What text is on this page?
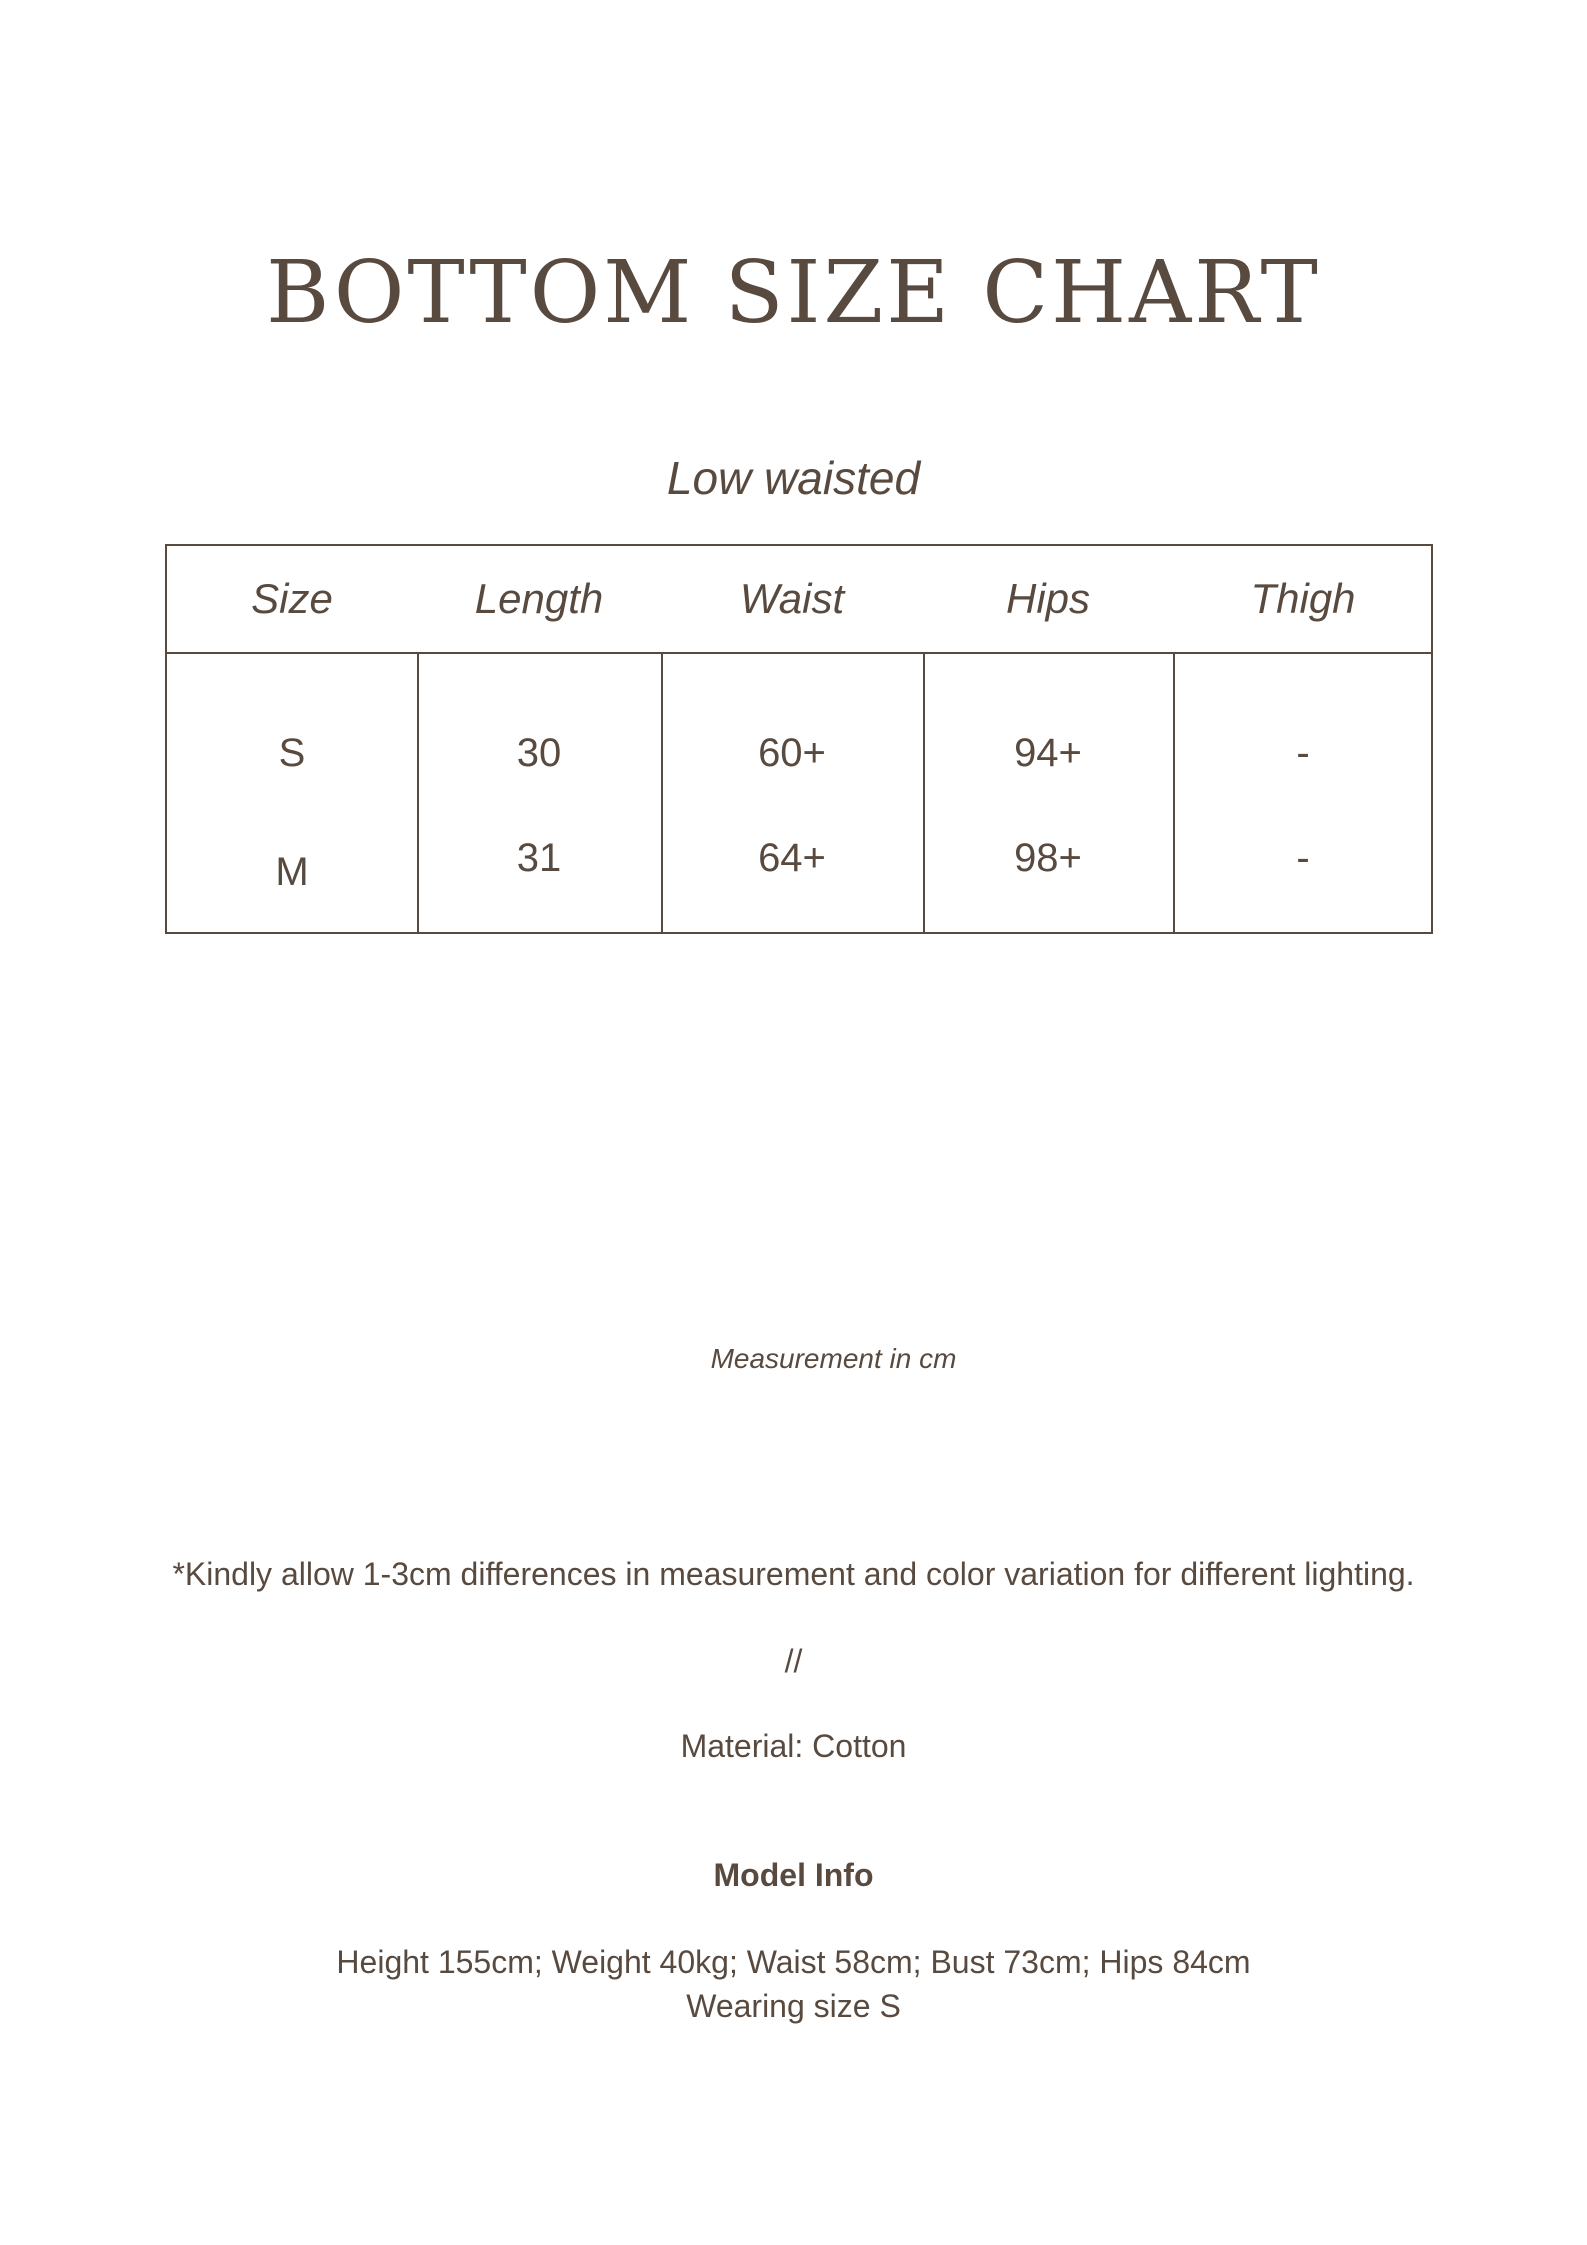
BOTTOM SIZE CHART
Low waisted
Size	Length	Waist	Hips	Thigh
S	30	60+	94+	-
M	31	64+	98+	-
Measurement in cm
*Kindly allow 1-3cm differences in measurement and color variation for different lighting.
//
Material: Cotton
Model Info
Height 155cm; Weight 40kg; Waist 58cm; Bust 73cm; Hips 84cm
Wearing size S
